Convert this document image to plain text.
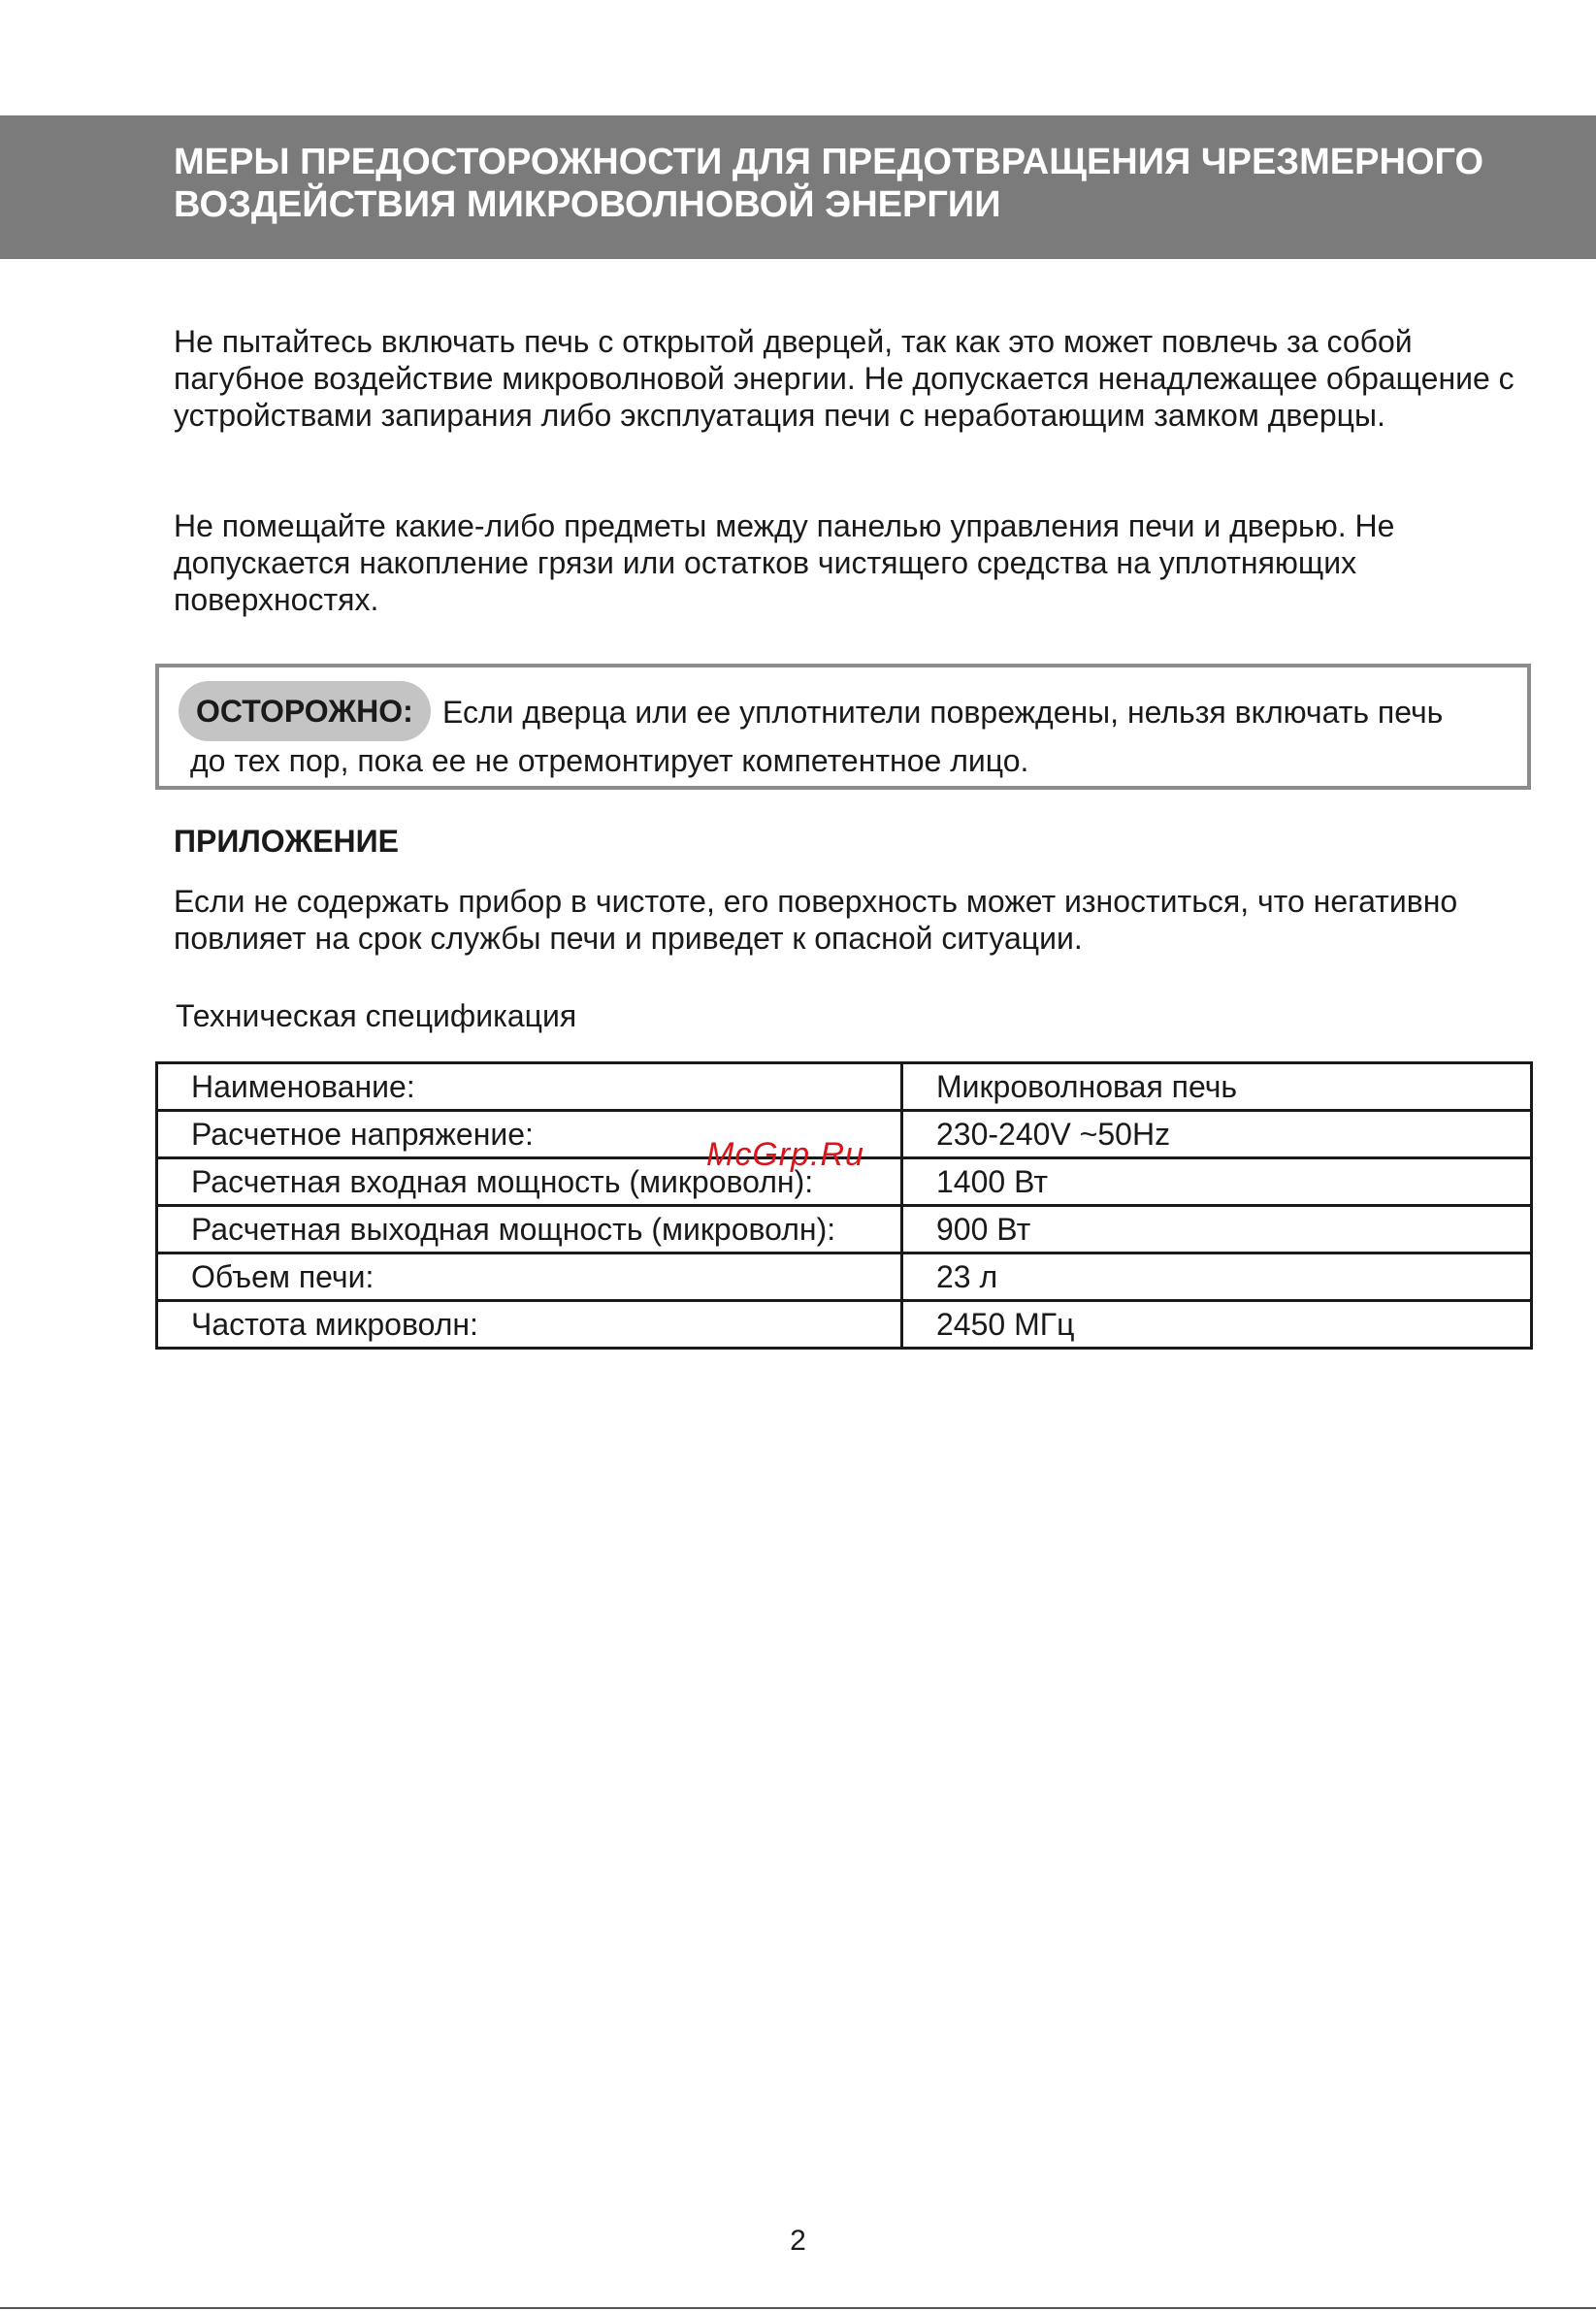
МЕРЫ ПРЕДОСТОРОЖНОСТИ ДЛЯ ПРЕДОТВРАЩЕНИЯ ЧРЕЗМЕРНОГО
ВОЗДЕЙСТВИЯ МИКРОВОЛНОВОЙ ЭНЕРГИИ

Не пытайтесь включать печь с открытой дверцей, так как это может повлечь за собой пагубное воздействие микроволновой энергии. Не допускается ненадлежащее обращение с устройствами запирания либо эксплуатация печи с неработающим замком дверцы.

Не помещайте какие-либо предметы между панелью управления печи и дверью. Не допускается накопление грязи или остатков чистящего средства на уплотняющих поверхностях.

ОСТОРОЖНО: Если дверца или ее уплотнители повреждены, нельзя включать печь
до тех пор, пока ее не отремонтирует компетентное лицо.
ПРИЛОЖЕНИЕ

Если не содержать прибор в чистоте, его поверхность может изноститься, что негативно повлияет на срок службы печи и приведет к опасной ситуации.

Техническая спецификация
Наименование:	Микроволновая печь
Расчетное напряжение:	230-240V ~50Hz
Расчетная входная мощность (микроволн):	1400 Вт
Расчетная выходная мощность (микроволн):	900 Вт
Объем печи:	23 л
Частота микроволн:	2450 МГц
McGrp.Ru
2
